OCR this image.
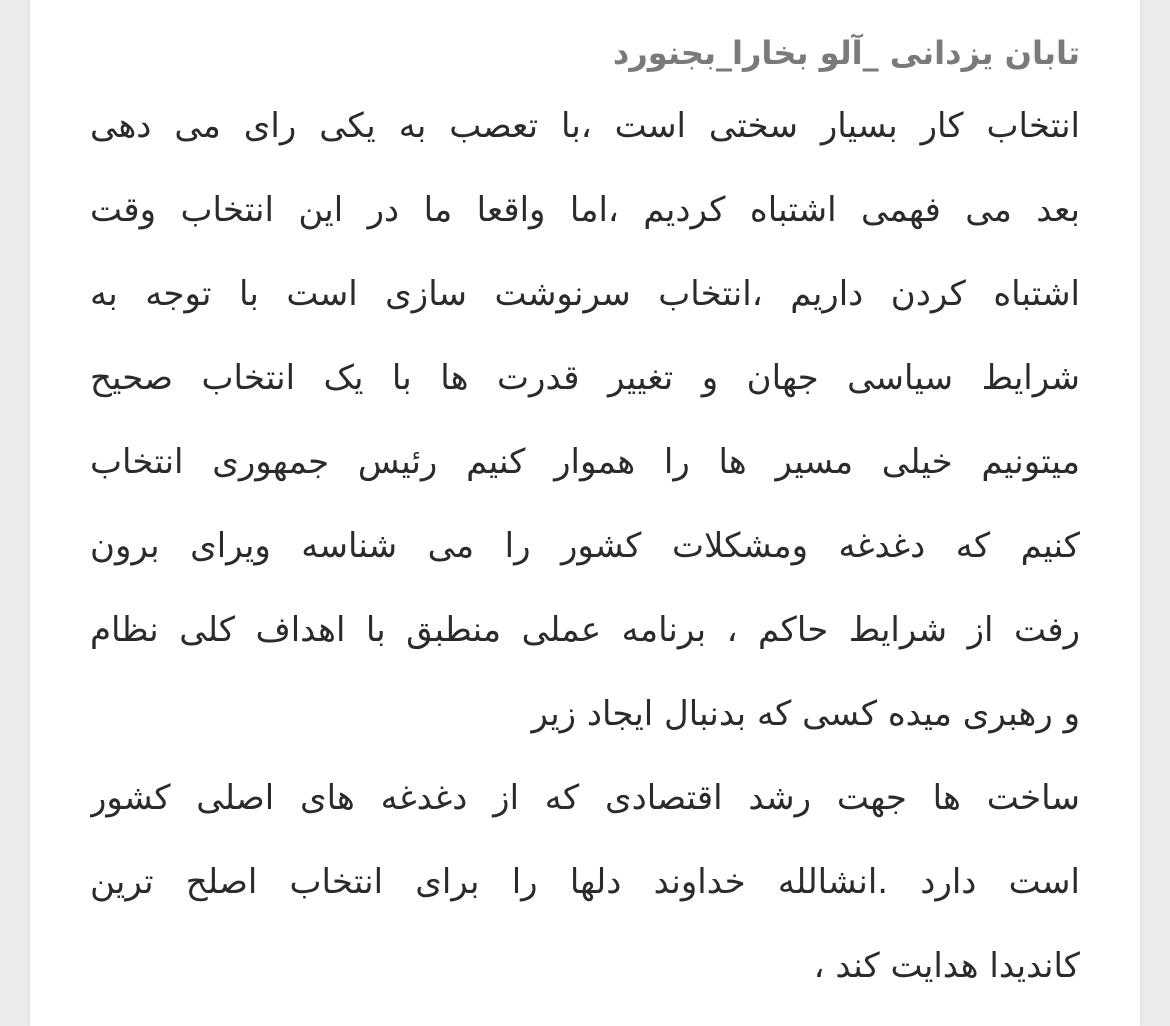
تابان یزدانی _آلو بخارا_بجنورد

انتخاب کار بسیار سختی است ،با تعصب به یکی رای می دهی

بعد می فهمی اشتباه کردیم ،اما واقعا ما در این انتخاب وقت

اشتباه کردن داریم ،انتخاب سرنوشت سازی است با توجه به

شرایط سیاسی جهان و تغییر قدرت ها با یک انتخاب صحیح

میتونیم خیلی مسیر ها را هموار کنیم رئیس جمهوری انتخاب

کنیم که دغدغه ومشکلات کشور را می شناسه ویرای برون

رفت از شرایط حاکم ، برنامه عملی منطبق با اهداف کلی نظام

و رهبری میده کسی که بدنبال ایجاد زیر

ساخت ها جهت رشد اقتصادی که از دغدغه های اصلی کشور

است دارد .انشالله خداوند دلها را برای انتخاب اصلح ترین

کاندیدا هدایت کند ،
